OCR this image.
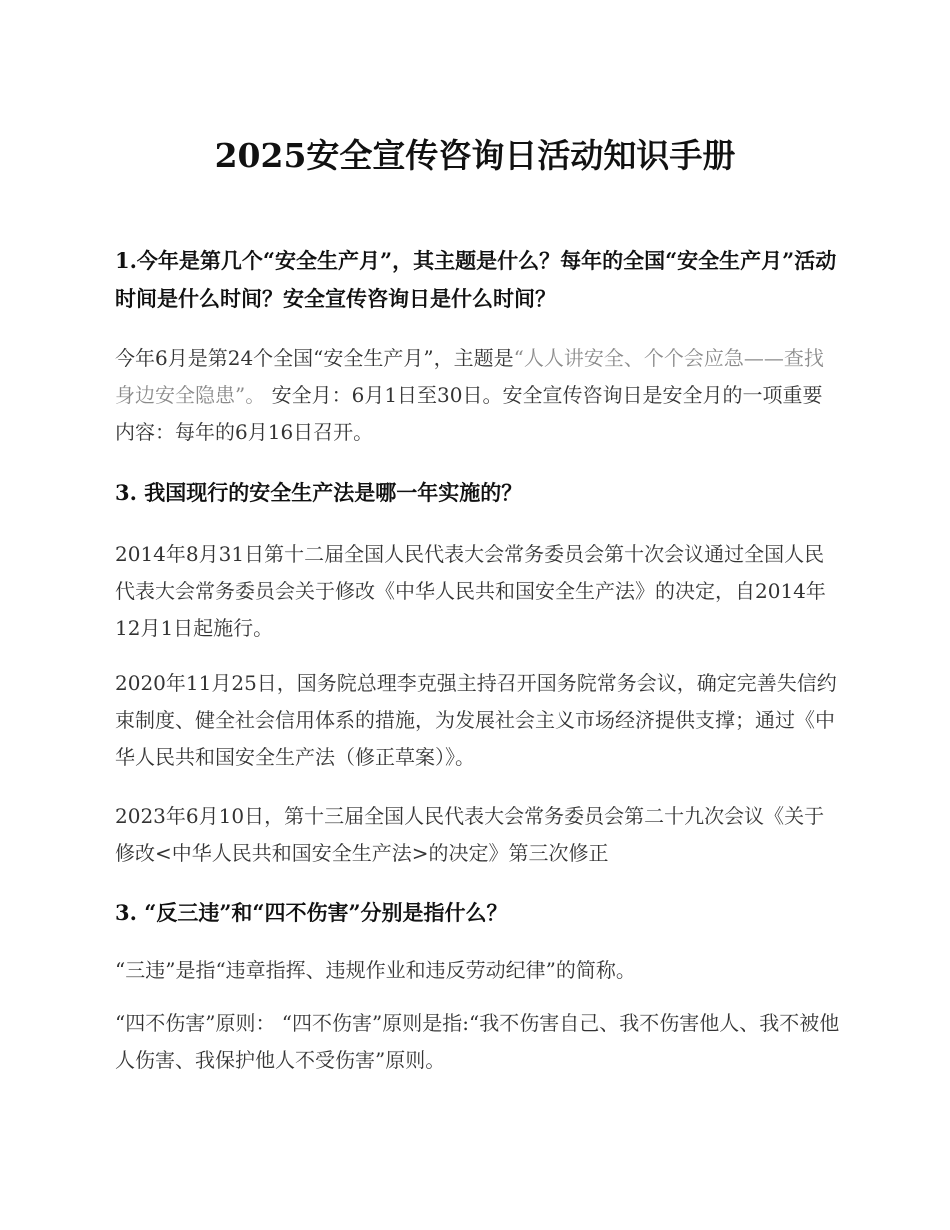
2025安全宣传咨询日活动知识手册

1.今年是第几个“安全生产月”，其主题是什么？每年的全国“安全生产月”活动时间是什么时间？安全宣传咨询日是什么时间？

今年6月是第24个全国“安全生产月”，主题是“人人讲安全、个个会应急——查找身边安全隐患”。 安全月：6月1日至30日。安全宣传咨询日是安全月的一项重要内容：每年的6月16日召开。

3. 我国现行的安全生产法是哪一年实施的？

2014年8月31日第十二届全国人民代表大会常务委员会第十次会议通过全国人民代表大会常务委员会关于修改《中华人民共和国安全生产法》的决定，自2014年12月1日起施行。

2020年11月25日，国务院总理李克强主持召开国务院常务会议，确定完善失信约束制度、健全社会信用体系的措施，为发展社会主义市场经济提供支撑；通过《中华人民共和国安全生产法（修正草案）》。

2023年6月10日，第十三届全国人民代表大会常务委员会第二十九次会议《关于修改<中华人民共和国安全生产法>的决定》第三次修正

3. “反三违”和“四不伤害”分别是指什么？

“三违”是指“违章指挥、违规作业和违反劳动纪律”的简称。

“四不伤害”原则： “四不伤害”原则是指:“我不伤害自己、我不伤害他人、我不被他人伤害、我保护他人不受伤害”原则。
